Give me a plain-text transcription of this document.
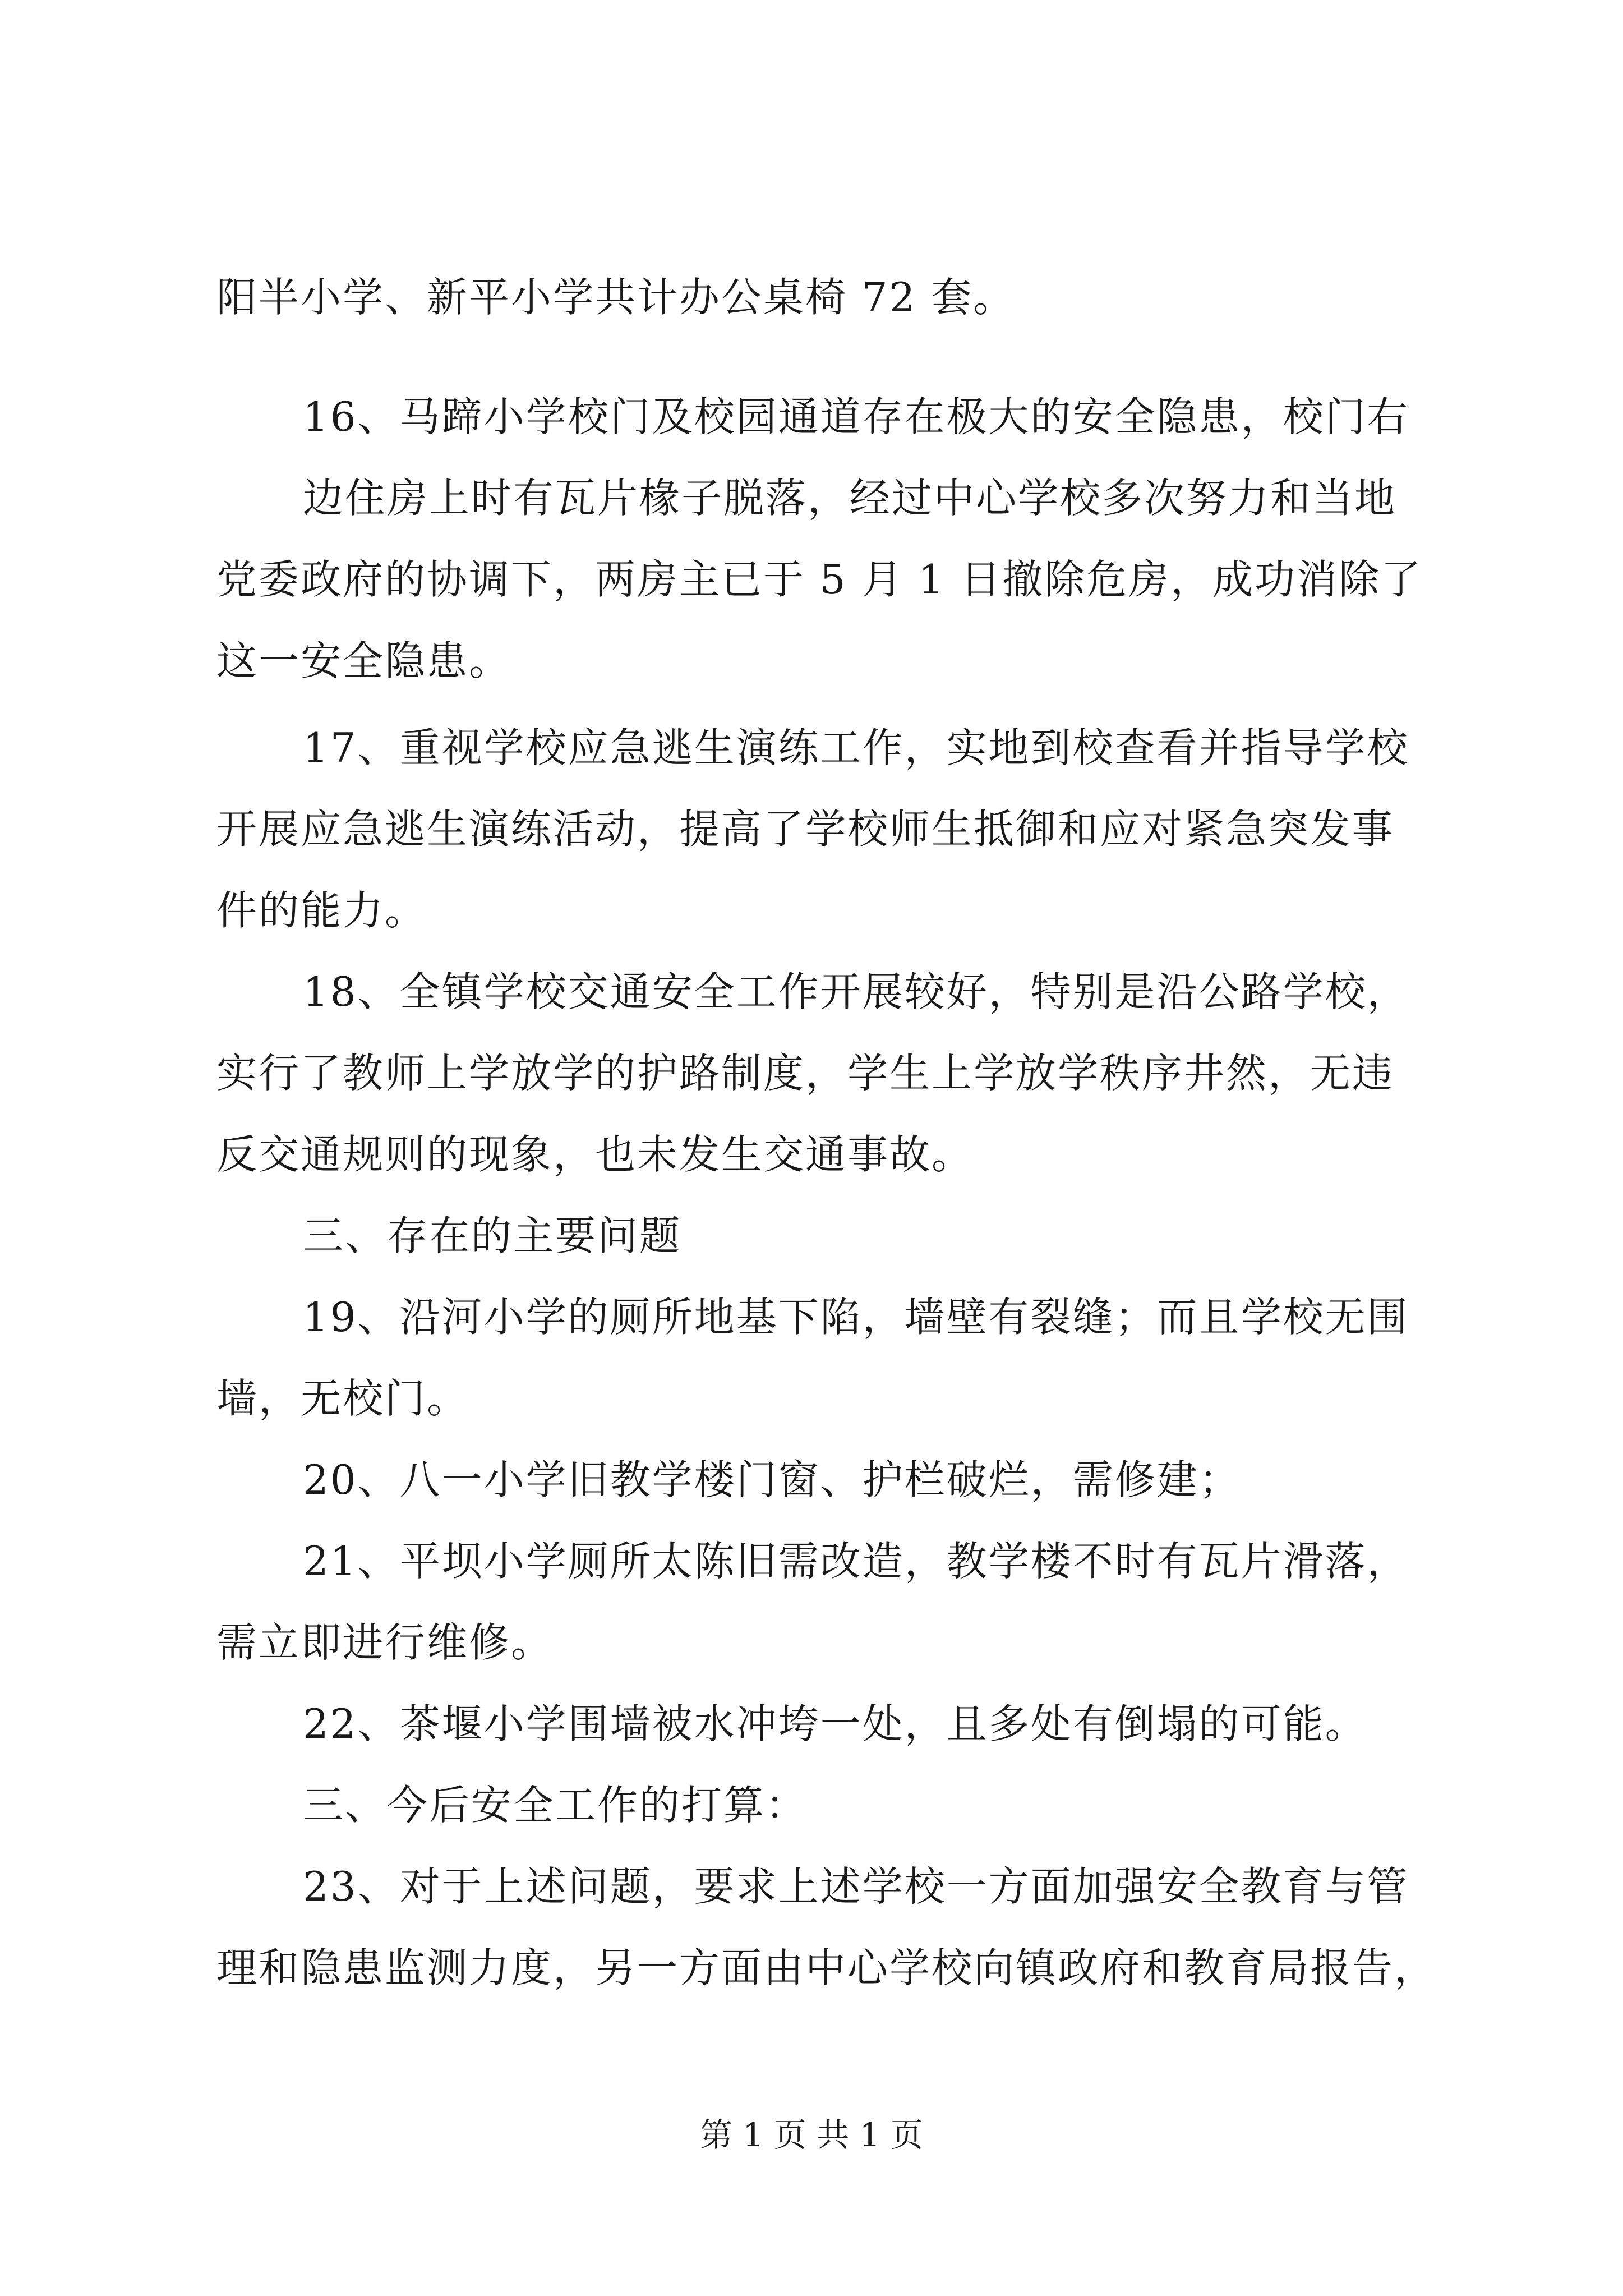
阳半小学、新平小学共计办公桌椅 72 套。
16、马蹄小学校门及校园通道存在极大的安全隐患，校门右
边住房上时有瓦片椽子脱落，经过中心学校多次努力和当地
党委政府的协调下，两房主已于 5 月 1 日撤除危房，成功消除了
这一安全隐患。
17、重视学校应急逃生演练工作，实地到校查看并指导学校
开展应急逃生演练活动，提高了学校师生抵御和应对紧急突发事
件的能力。
18、全镇学校交通安全工作开展较好，特别是沿公路学校，
实行了教师上学放学的护路制度，学生上学放学秩序井然，无违
反交通规则的现象，也未发生交通事故。
三、存在的主要问题
19、沿河小学的厕所地基下陷，墙壁有裂缝；而且学校无围
墙，无校门。
20、八一小学旧教学楼门窗、护栏破烂，需修建；
21、平坝小学厕所太陈旧需改造，教学楼不时有瓦片滑落，
需立即进行维修。
22、茶堰小学围墙被水冲垮一处，且多处有倒塌的可能。
三、今后安全工作的打算：
23、对于上述问题，要求上述学校一方面加强安全教育与管
理和隐患监测力度，另一方面由中心学校向镇政府和教育局报告，
第 1 页 共 1 页
